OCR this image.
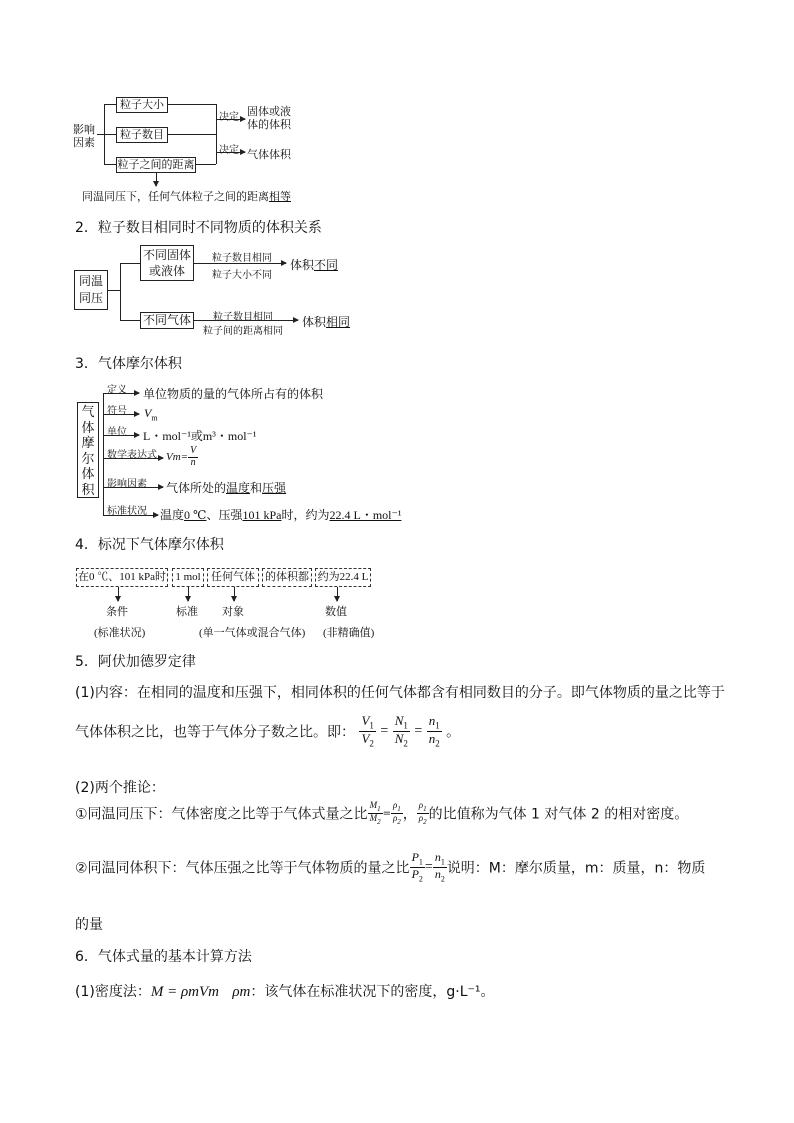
影响
因素
粒子大小
粒子数目
粒子之间的距离
决定 固体或液
体的体积
决定 气体体积
同温同压下，任何气体粒子之间的距离相等
2．粒子数目相同时不同物质的体积关系
同温
同压
不同固体
或液体
粒子数目相同
粒子大小不同
体积不同
不同气体	粒子数目相同
粒子间的距离相同
体积相同
3．气体摩尔体积
气
体
摩
尔
体
积
定义 单位物质的量的气体所占有的体积
符号 $V_m$
单位 L・mol⁻¹或m³・mol⁻¹
数学表达式 $Vm= \frac{V}{n}$
影响因素 气体所处的温度和压强
标准状况 温度0 ℃、压强101 kPa时，约为22.4 L・mol⁻¹
4．标况下气体摩尔体积
在0 ℃、101 kPa时 1 mol 任何气体 的体积都 约为22.4 L
条件	标准 对象	数值
(标准状况)	(单一气体或混合气体) (非精确值)
5．阿伏加德罗定律
(1)内容：在相同的温度和压强下，相同体积的任何气体都含有相同数目的分子。即气体物质的量之比等于
气体体积之比，也等于气体分子数之比。即： $\frac{V_1}{V_2} = \frac{N_1}{N_2} = \frac{n_1}{n_2}$ 。
(2)两个推论：
①同温同压下：气体密度之比等于气体式量之比 $\frac{M_1}{M_2} = \frac{\rho_1}{\rho_2}$ ， $\frac{\rho_1}{\rho_2}$ 的比值称为气体 1 对气体 2 的相对密度。
②同温同体积下：气体压强之比等于气体物质的量之比 $\frac{P_1}{P_2} = \frac{n_1}{n_2}$ 说明：M：摩尔质量，m：质量，n：物质
的量
6．气体式量的基本计算方法
(1)密度法：M = ρmVm ρm：该气体在标准状况下的密度，g·L⁻¹。
